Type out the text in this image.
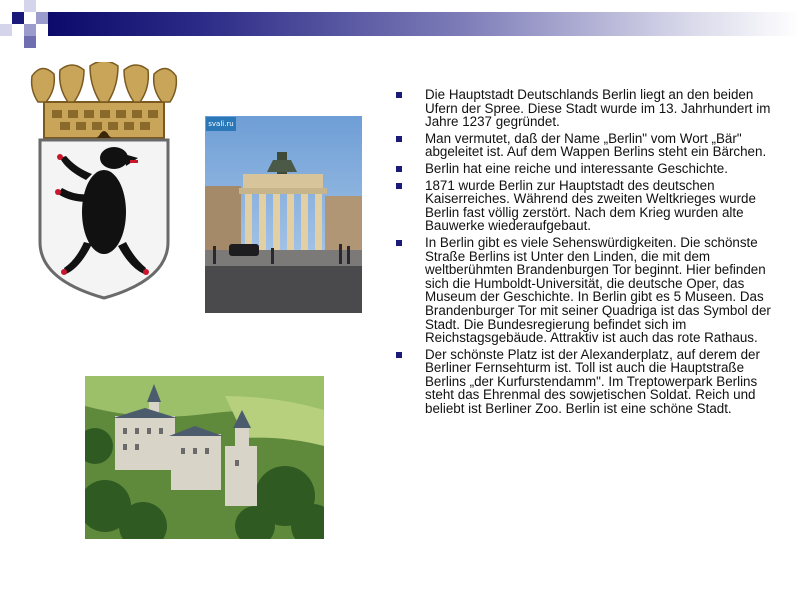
svali.ru
Die Hauptstadt Deutschlands Berlin liegt an den beiden Ufern der Spree. Diese Stadt wurde im 13. Jahrhundert im Jahre 1237 gegründet.
Man vermutet, daß der Name „Berlin" vom Wort „Bär" abgeleitet ist. Auf dem Wappen Berlins steht ein Bärchen.
Berlin hat eine reiche und interessante Geschichte.
1871 wurde Berlin zur Hauptstadt des deutschen Kaiserreiches. Während des zweiten Weltkrieges wurde Berlin fast völlig zerstört. Nach dem Krieg wurden alte Bauwerke wiederaufgebaut.
In Berlin gibt es viele Sehenswürdigkeiten. Die schönste Straße Berlins ist Unter den Linden, die mit dem weltberühmten Brandenburgen Tor beginnt. Hier befinden sich die Humboldt-Universität, die deutsche Oper, das Museum der Geschichte. In Berlin gibt es 5 Museen. Das Brandenburger Tor mit seiner Quadriga ist das Symbol der Stadt. Die Bundesregierung befindet sich im Reichstagsgebäude. Attraktiv ist auch das rote Rathaus.
Der schönste Platz ist der Alexanderplatz, auf derem der Berliner Fernsehturm ist. Toll ist auch die Hauptstraße Berlins „der Kurfurstendamm". Im Treptowerpark Berlins steht das Ehrenmal des sowjetischen Soldat. Reich und beliebt ist Berliner Zoo. Berlin ist eine schöne Stadt.
